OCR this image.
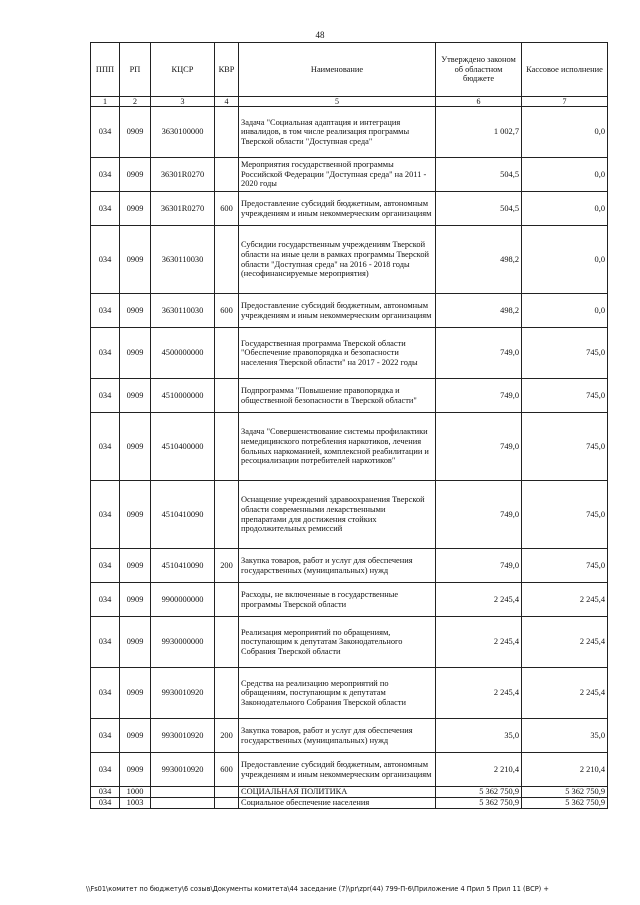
48
ППП	РП	КЦСР	КВР	Наименование	Утверждено законом об областном бюджете	Кассовое исполнение
1	2	3	4	5	6	7
034	0909	3630100000		Задача "Социальная адаптация и интеграция инвалидов, в том числе реализация программы Тверской области "Доступная среда"	1 002,7	0,0
034	0909	36301R0270		Мероприятия государственной программы Российской Федерации "Доступная среда" на 2011 - 2020 годы	504,5	0,0
034	0909	36301R0270	600	Предоставление субсидий бюджетным, автономным учреждениям и иным некоммерческим организациям	504,5	0,0
034	0909	3630110030		Субсидии государственным учреждениям Тверской области на иные цели в рамках программы Тверской области "Доступная среда" на 2016 - 2018 годы (несофинансируемые мероприятия)	498,2	0,0
034	0909	3630110030	600	Предоставление субсидий бюджетным, автономным учреждениям и иным некоммерческим организациям	498,2	0,0
034	0909	4500000000		Государственная программа Тверской области "Обеспечение правопорядка и безопасности населения Тверской области" на 2017 - 2022 годы	749,0	745,0
034	0909	4510000000		Подпрограмма "Повышение правопорядка и общественной безопасности в Тверской области"	749,0	745,0
034	0909	4510400000		Задача "Совершенствование системы профилактики немедицинского потребления наркотиков, лечения больных наркоманией, комплексной реабилитации и ресоциализации потребителей наркотиков"	749,0	745,0
034	0909	4510410090		Оснащение учреждений здравоохранения Тверской области современными лекарственными препаратами для достижения стойких продолжительных ремиссий	749,0	745,0
034	0909	4510410090	200	Закупка товаров, работ и услуг для обеспечения государственных (муниципальных) нужд	749,0	745,0
034	0909	9900000000		Расходы, не включенные в государственные программы Тверской области	2 245,4	2 245,4
034	0909	9930000000		Реализация мероприятий по обращениям, поступающим к депутатам Законодательного Собрания Тверской области	2 245,4	2 245,4
034	0909	9930010920		Средства на реализацию мероприятий по обращениям, поступающим к депутатам Законодательного Собрания Тверской области	2 245,4	2 245,4
034	0909	9930010920	200	Закупка товаров, работ и услуг для обеспечения государственных (муниципальных) нужд	35,0	35,0
034	0909	9930010920	600	Предоставление субсидий бюджетным, автономным учреждениям и иным некоммерческим организациям	2 210,4	2 210,4
034	1000			СОЦИАЛЬНАЯ ПОЛИТИКА	5 362 750,9	5 362 750,9
034	1003			Социальное обеспечение населения	5 362 750,9	5 362 750,9
\\Fs01\комитет по бюджету\6 созыв\Документы комитета\44 заседание (7)\pr\zpr(44) 799-П-6\Приложение 4 Прил 5 Прил 11 (ВСР) +
